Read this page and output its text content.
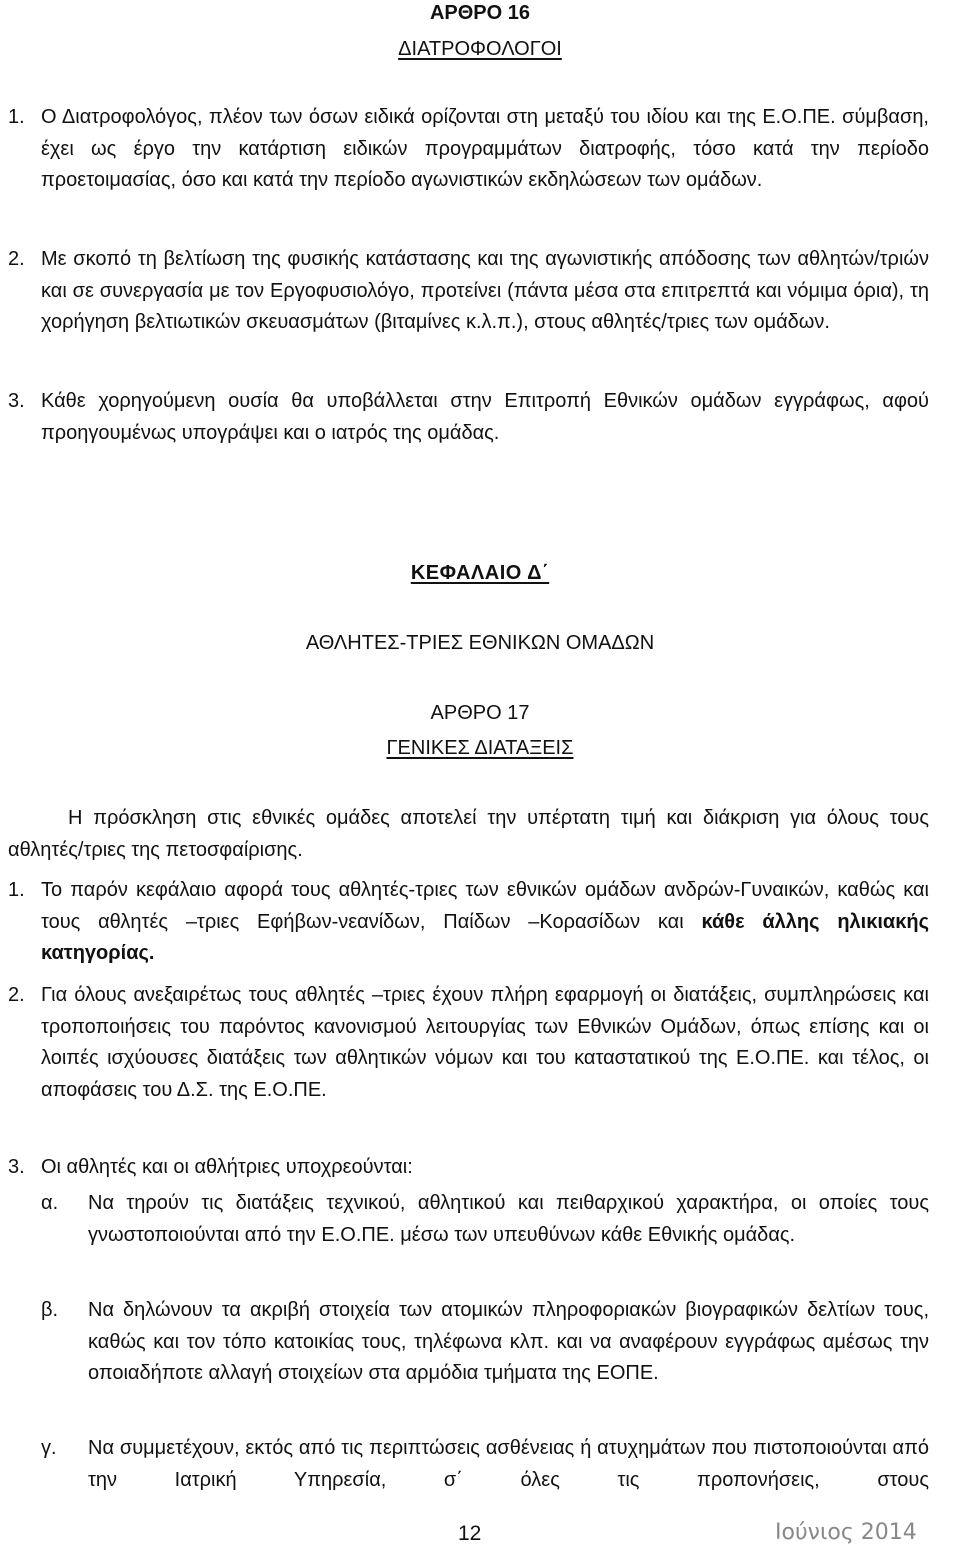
ΑΡΘΡΟ 16
ΔΙΑΤΡΟΦΟΛΟΓΟΙ
1. Ο Διατροφολόγος, πλέον των όσων ειδικά ορίζονται στη μεταξύ του ιδίου και της Ε.Ο.ΠΕ. σύμβαση, έχει ως έργο την κατάρτιση ειδικών προγραμμάτων διατροφής, τόσο κατά την περίοδο προετοιμασίας, όσο και κατά την περίοδο αγωνιστικών εκδηλώσεων των ομάδων.
2. Με σκοπό τη βελτίωση της φυσικής κατάστασης και της αγωνιστικής απόδοσης των αθλητών/τριών και σε συνεργασία με τον Εργοφυσιολόγο, προτείνει (πάντα μέσα στα επιτρεπτά και νόμιμα όρια), τη χορήγηση βελτιωτικών σκευασμάτων (βιταμίνες κ.λ.π.), στους αθλητές/τριες των ομάδων.
3. Κάθε χορηγούμενη ουσία θα υποβάλλεται στην Επιτροπή Εθνικών ομάδων εγγράφως, αφού προηγουμένως υπογράψει και ο ιατρός της ομάδας.
ΚΕΦΑΛΑΙΟ Δ΄
ΑΘΛΗΤΕΣ-ΤΡΙΕΣ ΕΘΝΙΚΩΝ ΟΜΑΔΩΝ
ΑΡΘΡΟ 17
ΓΕΝΙΚΕΣ ΔΙΑΤΑΞΕΙΣ
Η πρόσκληση στις εθνικές ομάδες αποτελεί την υπέρτατη τιμή και διάκριση για όλους τους αθλητές/τριες της πετοσφαίρισης.
1. Το παρόν κεφάλαιο αφορά τους αθλητές-τριες των εθνικών ομάδων ανδρών-Γυναικών, καθώς και τους αθλητές –τριες Εφήβων-νεανίδων, Παίδων –Κορασίδων και κάθε άλλης ηλικιακής κατηγορίας.
2. Για όλους ανεξαιρέτως τους αθλητές –τριες έχουν πλήρη εφαρμογή οι διατάξεις, συμπληρώσεις και τροποποιήσεις του παρόντος κανονισμού λειτουργίας των Εθνικών Ομάδων, όπως επίσης και οι λοιπές ισχύουσες διατάξεις των αθλητικών νόμων και του καταστατικού της Ε.Ο.ΠΕ. και τέλος, οι αποφάσεις του Δ.Σ. της Ε.Ο.ΠΕ.
3. Οι αθλητές και οι αθλήτριες υποχρεούνται:
α. Να τηρούν τις διατάξεις τεχνικού, αθλητικού και πειθαρχικού χαρακτήρα, οι οποίες τους γνωστοποιούνται από την Ε.Ο.ΠΕ. μέσω των υπευθύνων κάθε Εθνικής ομάδας.
β. Να δηλώνουν τα ακριβή στοιχεία των ατομικών πληροφοριακών βιογραφικών δελτίων τους, καθώς και τον τόπο κατοικίας τους, τηλέφωνα κλπ. και να αναφέρουν εγγράφως αμέσως την οποιαδήποτε αλλαγή στοιχείων στα αρμόδια τμήματα της ΕΟΠΕ.
γ. Να συμμετέχουν, εκτός από τις περιπτώσεις ασθένειας ή ατυχημάτων που πιστοποιούνται από την Ιατρική Υπηρεσία, σ΄ όλες τις προπονήσεις, στους
12	Ιούνιος 2014
